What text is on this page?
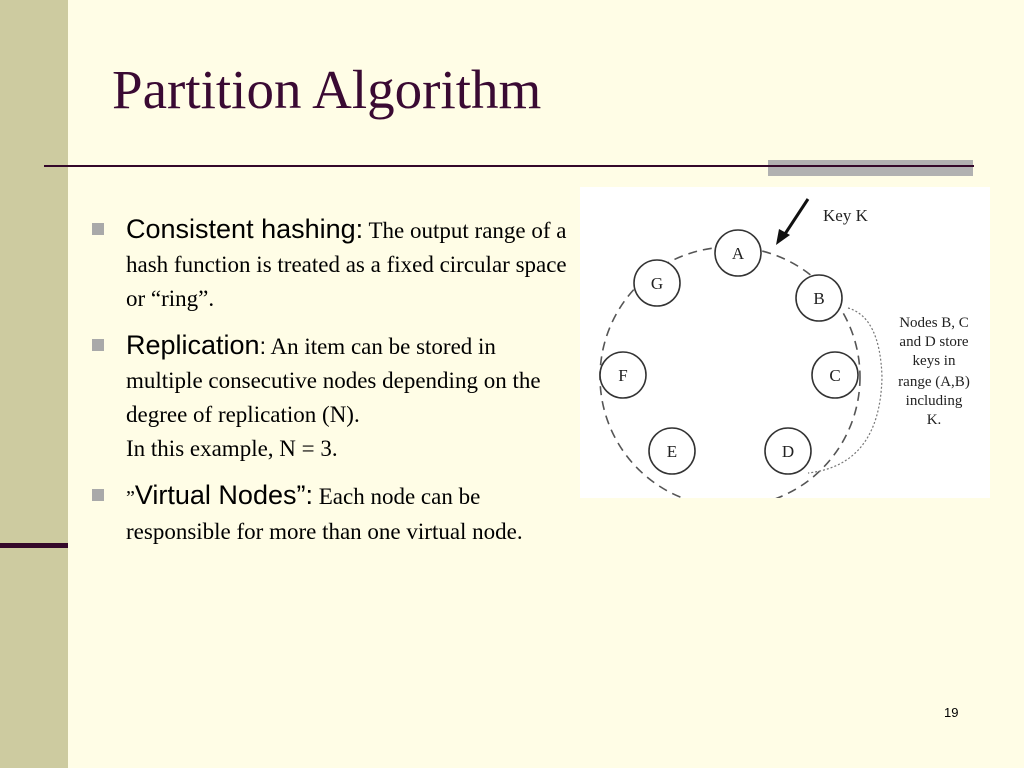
Partition Algorithm
Consistent hashing: The output range of a hash function is treated as a fixed circular space or “ring”.
Replication: An item can be stored in multiple consecutive nodes depending on the degree of replication (N).
In this example, N = 3.
”Virtual Nodes”: Each node can be responsible for more than one virtual node.
Key K
A
B
C
D
E
F
G
Nodes B, C
and D store
keys in
range (A,B)
including
K.
19
